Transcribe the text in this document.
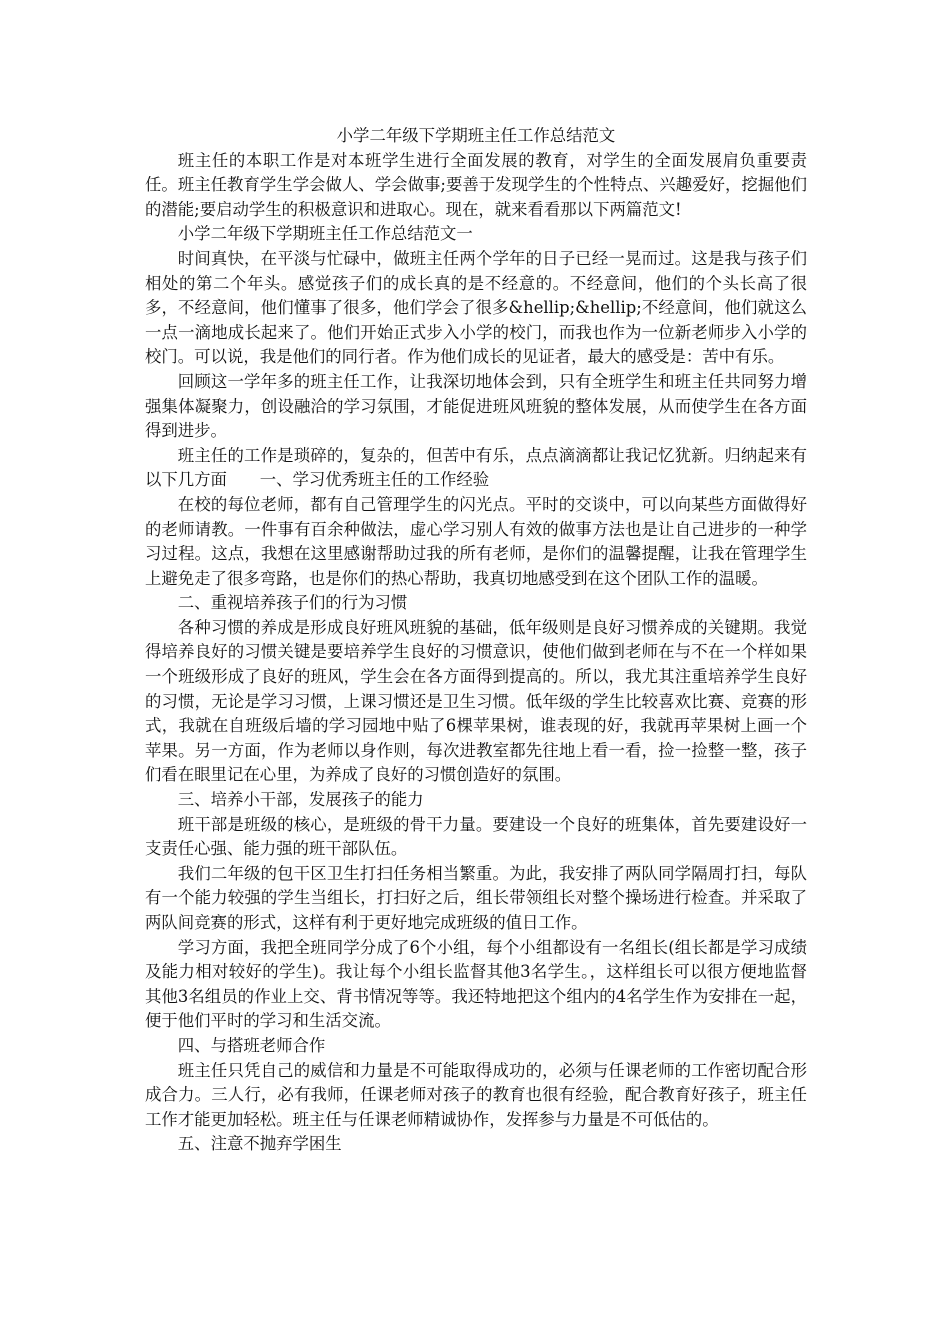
小学二年级下学期班主任工作总结范文

班主任的本职工作是对本班学生进行全面发展的教育，对学生的全面发展肩负重要责任。班主任教育学生学会做人、学会做事;要善于发现学生的个性特点、兴趣爱好，挖掘他们的潜能;要启动学生的积极意识和进取心。现在，就来看看那以下两篇范文!

小学二年级下学期班主任工作总结范文一

时间真快，在平淡与忙碌中，做班主任两个学年的日子已经一晃而过。这是我与孩子们相处的第二个年头。感觉孩子们的成长真的是不经意的。不经意间，他们的个头长高了很多，不经意间，他们懂事了很多，他们学会了很多&hellip;&hellip;不经意间，他们就这么一点一滴地成长起来了。他们开始正式步入小学的校门，而我也作为一位新老师步入小学的校门。可以说，我是他们的同行者。作为他们成长的见证者，最大的感受是：苦中有乐。

回顾这一学年多的班主任工作，让我深切地体会到，只有全班学生和班主任共同努力增强集体凝聚力，创设融洽的学习氛围，才能促进班风班貌的整体发展，从而使学生在各方面得到进步。

班主任的工作是琐碎的，复杂的，但苦中有乐，点点滴滴都让我记忆犹新。归纳起来有以下几方面　　一、学习优秀班主任的工作经验

在校的每位老师，都有自己管理学生的闪光点。平时的交谈中，可以向某些方面做得好的老师请教。一件事有百余种做法，虚心学习别人有效的做事方法也是让自己进步的一种学习过程。这点，我想在这里感谢帮助过我的所有老师，是你们的温馨提醒，让我在管理学生上避免走了很多弯路，也是你们的热心帮助，我真切地感受到在这个团队工作的温暖。

二、重视培养孩子们的行为习惯

各种习惯的养成是形成良好班风班貌的基础，低年级则是良好习惯养成的关键期。我觉得培养良好的习惯关键是要培养学生良好的习惯意识，使他们做到老师在与不在一个样如果一个班级形成了良好的班风，学生会在各方面得到提高的。所以，我尤其注重培养学生良好的习惯，无论是学习习惯，上课习惯还是卫生习惯。低年级的学生比较喜欢比赛、竞赛的形式，我就在自班级后墙的学习园地中贴了6棵苹果树，谁表现的好，我就再苹果树上画一个苹果。另一方面，作为老师以身作则，每次进教室都先往地上看一看，捡一捡整一整，孩子们看在眼里记在心里，为养成了良好的习惯创造好的氛围。

三、培养小干部，发展孩子的能力

班干部是班级的核心，是班级的骨干力量。要建设一个良好的班集体，首先要建设好一支责任心强、能力强的班干部队伍。

我们二年级的包干区卫生打扫任务相当繁重。为此，我安排了两队同学隔周打扫，每队有一个能力较强的学生当组长，打扫好之后，组长带领组长对整个操场进行检查。并采取了两队间竞赛的形式，这样有利于更好地完成班级的值日工作。

学习方面，我把全班同学分成了6个小组，每个小组都设有一名组长(组长都是学习成绩及能力相对较好的学生)。我让每个小组长监督其他3名学生。，这样组长可以很方便地监督其他3名组员的作业上交、背书情况等等。我还特地把这个组内的4名学生作为安排在一起，便于他们平时的学习和生活交流。

四、与搭班老师合作

班主任只凭自己的威信和力量是不可能取得成功的，必须与任课老师的工作密切配合形成合力。三人行，必有我师，任课老师对孩子的教育也很有经验，配合教育好孩子，班主任工作才能更加轻松。班主任与任课老师精诚协作，发挥参与力量是不可低估的。

五、注意不抛弃学困生
